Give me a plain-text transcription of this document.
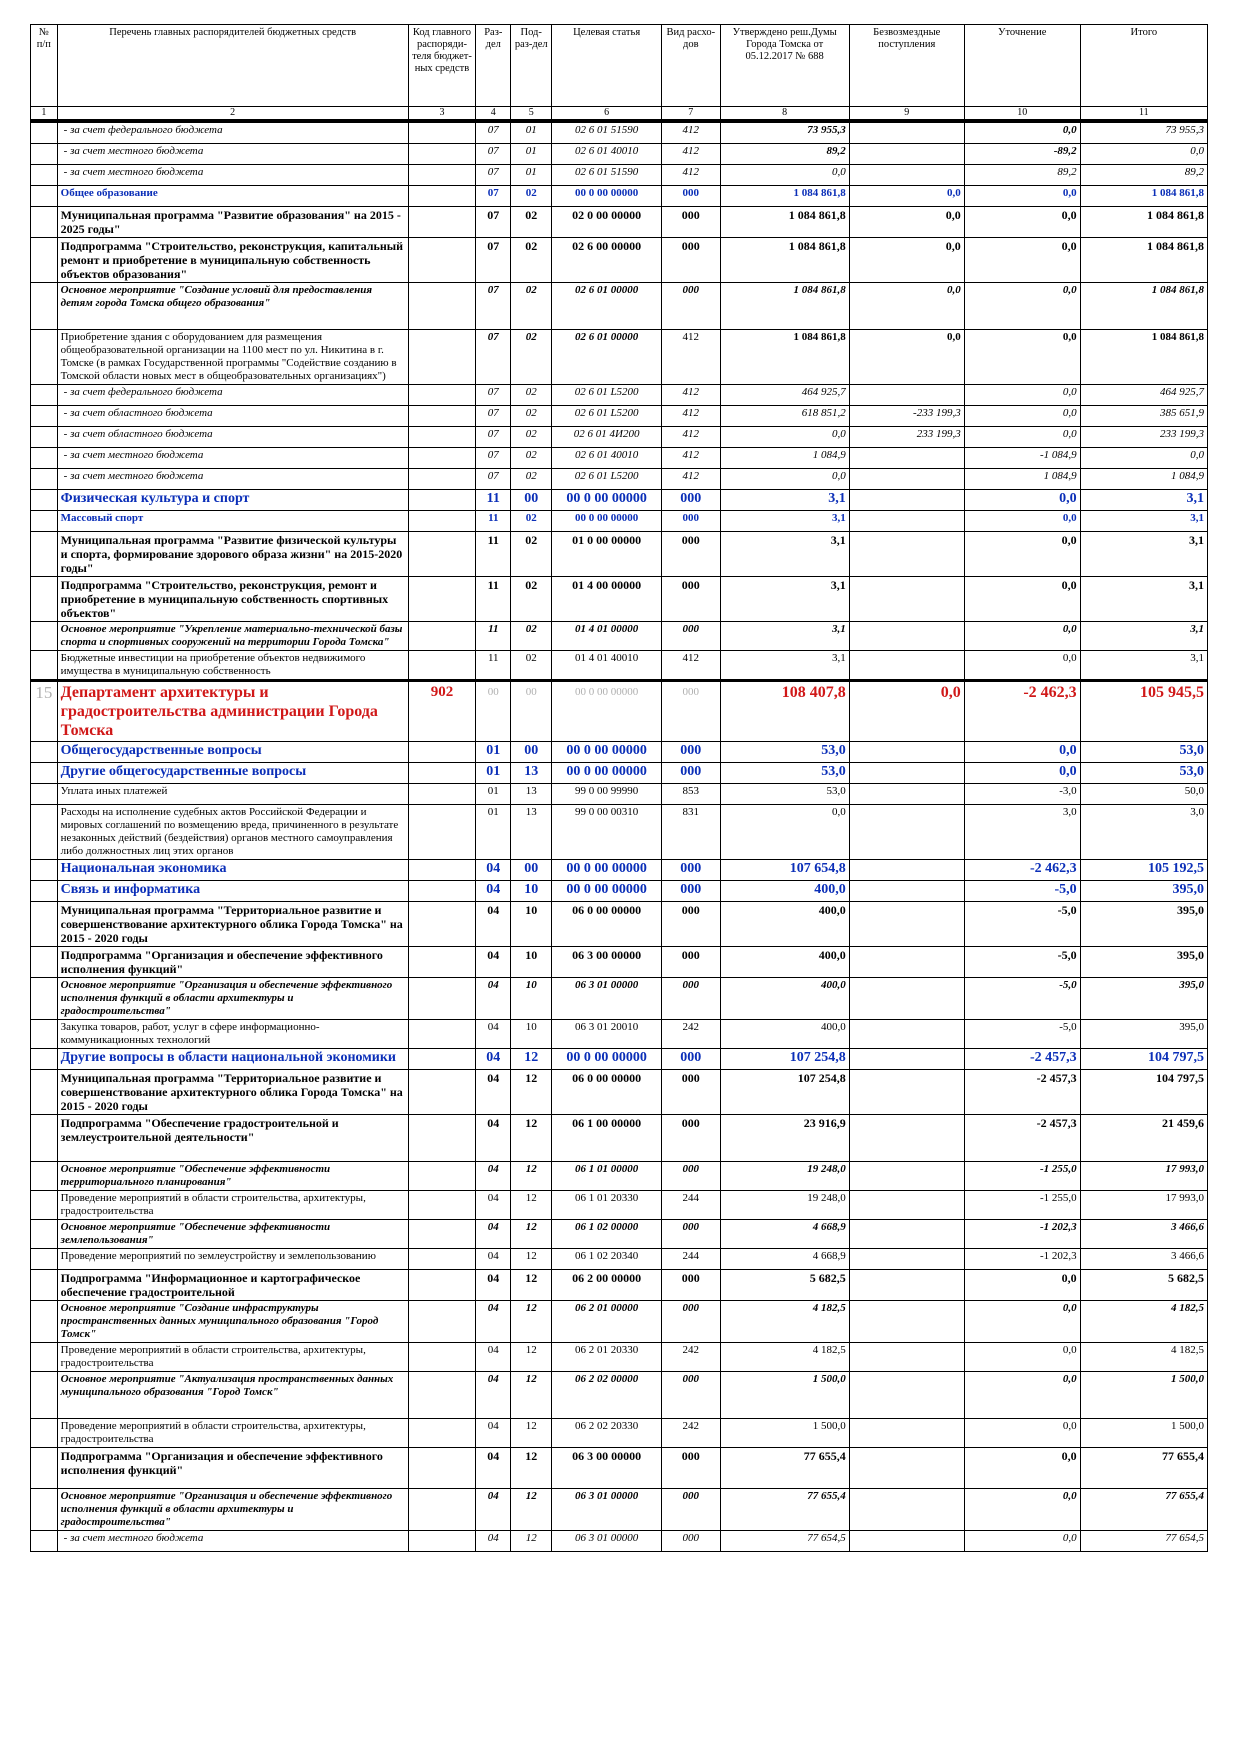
№ п/п	Перечень главных распорядителей бюджетных средств	Код главного распоряди-теля бюджет-ных средств	Раз-дел	Под-раз-дел	Целевая статья	Вид расхо-дов	Утверждено реш.Думы Города Томска от 05.12.2017 № 688	Безвозмездные поступления	Уточнение	Итого
1	2	3	4	5	6	7	8	9	10	11
	- за счет федерального бюджета		07	01	02 6 01 51590	412	73 955,3		0,0	73 955,3
	- за счет местного бюджета		07	01	02 6 01 40010	412	89,2		-89,2	0,0
	- за счет местного бюджета		07	01	02 6 01 51590	412	0,0		89,2	89,2
	Общее образование		07	02	00 0 00 00000	000	1 084 861,8	0,0	0,0	1 084 861,8
	Муниципальная программа "Развитие образования" на 2015 - 2025 годы"		07	02	02 0 00 00000	000	1 084 861,8	0,0	0,0	1 084 861,8
	Подпрограмма "Строительство, реконструкция, капитальный ремонт и приобретение в муниципальную собственность объектов образования"		07	02	02 6 00 00000	000	1 084 861,8	0,0	0,0	1 084 861,8
	Основное мероприятие "Создание условий для предоставления детям города Томска общего образования"		07	02	02 6 01 00000	000	1 084 861,8	0,0	0,0	1 084 861,8
	Приобретение здания с оборудованием для размещения общеобразовательной организации на 1100 мест по ул. Никитина в г. Томске (в рамках Государственной программы "Содействие созданию в Томской области новых мест в общеобразовательных организациях")		07	02	02 6 01 00000	412	1 084 861,8	0,0	0,0	1 084 861,8
	- за счет федерального бюджета		07	02	02 6 01 L5200	412	464 925,7		0,0	464 925,7
	- за счет областного бюджета		07	02	02 6 01 L5200	412	618 851,2	-233 199,3	0,0	385 651,9
	- за счет областного бюджета		07	02	02 6 01 4И200	412	0,0	233 199,3	0,0	233 199,3
	- за счет местного бюджета		07	02	02 6 01 40010	412	1 084,9		-1 084,9	0,0
	- за счет местного бюджета		07	02	02 6 01 L5200	412	0,0		1 084,9	1 084,9
	Физическая культура и спорт		11	00	00 0 00 00000	000	3,1		0,0	3,1
	Массовый спорт		11	02	00 0 00 00000	000	3,1		0,0	3,1
	Муниципальная программа "Развитие физической культуры и спорта, формирование здорового образа жизни" на 2015-2020 годы"		11	02	01 0 00 00000	000	3,1		0,0	3,1
	Подпрограмма "Строительство, реконструкция, ремонт и приобретение в муниципальную собственность спортивных объектов"		11	02	01 4 00 00000	000	3,1		0,0	3,1
	Основное мероприятие "Укрепление материально-технической базы спорта и спортивных сооружений на территории Города Томска"		11	02	01 4 01 00000	000	3,1		0,0	3,1
	Бюджетные инвестиции на приобретение объектов недвижимого имущества в муниципальную собственность		11	02	01 4 01 40010	412	3,1		0,0	3,1
15	Департамент архитектуры и градостроительства администрации Города Томска	902	00	00	00 0 00 00000	000	108 407,8	0,0	-2 462,3	105 945,5
	Общегосударственные вопросы		01	00	00 0 00 00000	000	53,0		0,0	53,0
	Другие общегосударственные вопросы		01	13	00 0 00 00000	000	53,0		0,0	53,0
	Уплата иных платежей		01	13	99 0 00 99990	853	53,0		-3,0	50,0
	Расходы на исполнение судебных актов Российской Федерации и мировых соглашений по возмещению вреда, причиненного в результате незаконных действий (бездействия) органов местного самоуправления либо должностных лиц этих органов		01	13	99 0 00 00310	831	0,0		3,0	3,0
	Национальная экономика		04	00	00 0 00 00000	000	107 654,8		-2 462,3	105 192,5
	Связь и информатика		04	10	00 0 00 00000	000	400,0		-5,0	395,0
	Муниципальная программа "Территориальное развитие и совершенствование архитектурного облика Города Томска" на 2015 - 2020 годы		04	10	06 0 00 00000	000	400,0		-5,0	395,0
	Подпрограмма "Организация и обеспечение эффективного исполнения функций"		04	10	06 3 00 00000	000	400,0		-5,0	395,0
	Основное мероприятие "Организация и обеспечение эффективного исполнения функций в области архитектуры и градостроительства"		04	10	06 3 01 00000	000	400,0		-5,0	395,0
	Закупка товаров, работ, услуг в сфере информационно-коммуникационных технологий		04	10	06 3 01 20010	242	400,0		-5,0	395,0
	Другие вопросы в области национальной экономики		04	12	00 0 00 00000	000	107 254,8		-2 457,3	104 797,5
	Муниципальная программа "Территориальное развитие и совершенствование архитектурного облика Города Томска" на 2015 - 2020 годы		04	12	06 0 00 00000	000	107 254,8		-2 457,3	104 797,5
	Подпрограмма "Обеспечение градостроительной и землеустроительной деятельности"		04	12	06 1 00 00000	000	23 916,9		-2 457,3	21 459,6
	Основное мероприятие "Обеспечение эффективности территориального планирования"		04	12	06 1 01 00000	000	19 248,0		-1 255,0	17 993,0
	Проведение мероприятий в области строительства, архитектуры, градостроительства		04	12	06 1 01 20330	244	19 248,0		-1 255,0	17 993,0
	Основное мероприятие "Обеспечение эффективности землепользования"		04	12	06 1 02 00000	000	4 668,9		-1 202,3	3 466,6
	Проведение мероприятий по землеустройству и землепользованию		04	12	06 1 02 20340	244	4 668,9		-1 202,3	3 466,6
	Подпрограмма "Информационное и картографическое обеспечение градостроительной		04	12	06 2 00 00000	000	5 682,5		0,0	5 682,5
	Основное мероприятие "Создание инфраструктуры пространственных данных муниципального образования "Город Томск"		04	12	06 2 01 00000	000	4 182,5		0,0	4 182,5
	Проведение мероприятий в области строительства, архитектуры, градостроительства		04	12	06 2 01 20330	242	4 182,5		0,0	4 182,5
	Основное мероприятие "Актуализация пространственных данных муниципального образования "Город Томск"		04	12	06 2 02 00000	000	1 500,0		0,0	1 500,0
	Проведение мероприятий в области строительства, архитектуры, градостроительства		04	12	06 2 02 20330	242	1 500,0		0,0	1 500,0
	Подпрограмма "Организация и обеспечение эффективного исполнения функций"		04	12	06 3 00 00000	000	77 655,4		0,0	77 655,4
	Основное мероприятие "Организация и обеспечение эффективного исполнения функций в области архитектуры и градостроительства"		04	12	06 3 01 00000	000	77 655,4		0,0	77 655,4
	- за счет местного бюджета		04	12	06 3 01 00000	000	77 654,5		0,0	77 654,5
